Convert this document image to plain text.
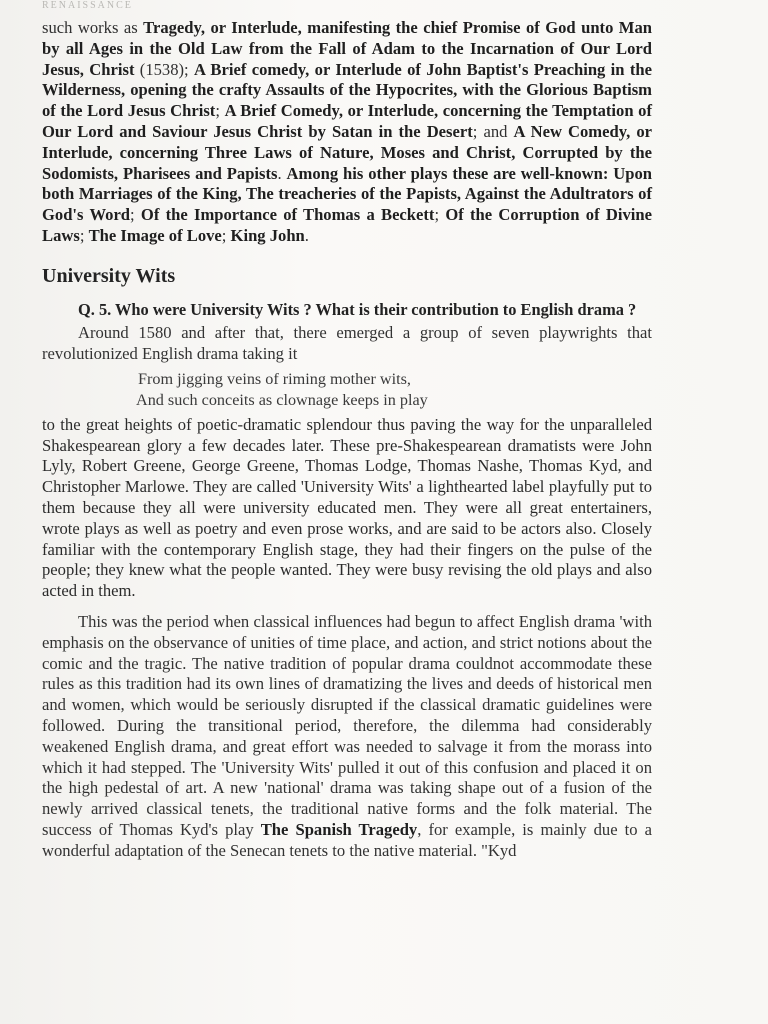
RENAISSANCE

such works as Tragedy, or Interlude, manifesting the chief Promise of God unto Man by all Ages in the Old Law from the Fall of Adam to the Incarnation of Our Lord Jesus, Christ (1538); A Brief comedy, or Interlude of John Baptist's Preaching in the Wilderness, opening the crafty Assaults of the Hypocrites, with the Glorious Baptism of the Lord Jesus Christ; A Brief Comedy, or Interlude, concerning the Temptation of Our Lord and Saviour Jesus Christ by Satan in the Desert; and A New Comedy, or Interlude, concerning Three Laws of Nature, Moses and Christ, Corrupted by the Sodomists, Pharisees and Papists. Among his other plays these are well-known: Upon both Marriages of the King, The treacheries of the Papists, Against the Adultrators of God's Word; Of the Importance of Thomas a Beckett; Of the Corruption of Divine Laws; The Image of Love; King John.

University Wits

Q. 5. Who were University Wits ? What is their contribution to English drama ?

Around 1580 and after that, there emerged a group of seven playwrights that revolutionized English drama taking it

From jigging veins of riming mother wits,
And such conceits as clownage keeps in play

to the great heights of poetic-dramatic splendour thus paving the way for the unparalleled Shakespearean glory a few decades later. These pre-Shakespearean dramatists were John Lyly, Robert Greene, George Greene, Thomas Lodge, Thomas Nashe, Thomas Kyd, and Christopher Marlowe. They are called 'University Wits' a lighthearted label playfully put to them because they all were university educated men. They were all great entertainers, wrote plays as well as poetry and even prose works, and are said to be actors also. Closely familiar with the contemporary English stage, they had their fingers on the pulse of the people; they knew what the people wanted. They were busy revising the old plays and also acted in them.

This was the period when classical influences had begun to affect English drama 'with emphasis on the observance of unities of time place, and action, and strict notions about the comic and the tragic. The native tradition of popular drama couldnot accommodate these rules as this tradition had its own lines of dramatizing the lives and deeds of historical men and women, which would be seriously disrupted if the classical dramatic guidelines were followed. During the transitional period, therefore, the dilemma had considerably weakened English drama, and great effort was needed to salvage it from the morass into which it had stepped. The 'University Wits' pulled it out of this confusion and placed it on the high pedestal of art. A new 'national' drama was taking shape out of a fusion of the newly arrived classical tenets, the traditional native forms and the folk material. The success of Thomas Kyd's play The Spanish Tragedy, for example, is mainly due to a wonderful adaptation of the Senecan tenets to the native material. "Kyd
